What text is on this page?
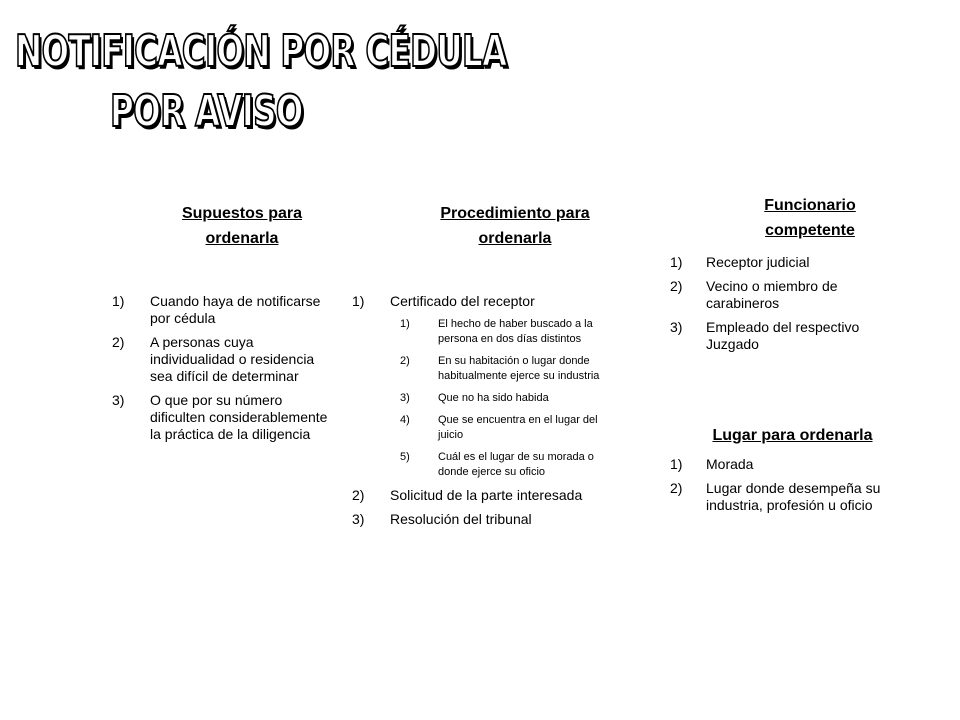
NOTIFICACIÓN POR CÉDULA
POR AVISO
Supuestos para
ordenarla
1) Cuando haya de notificarse por cédula
2) A personas cuya individualidad o residencia sea difícil de determinar
3) O que por su número dificulten considerablemente la práctica de la diligencia
Procedimiento para
ordenarla
1) Certificado del receptor
1)	El hecho de haber buscado a la persona en dos días distintos
2)	En su habitación o lugar donde habitualmente ejerce su industria
3)	Que no ha sido habida
4)	Que se encuentra en el lugar del juicio
5)	Cuál es el lugar de su morada o donde ejerce su oficio
2) Solicitud de la parte interesada
3) Resolución del tribunal
Funcionario
competente
1) Receptor judicial
2) Vecino o miembro de carabineros
3) Empleado del respectivo Juzgado
Lugar para ordenarla
1) Morada
2) Lugar donde desempeña su industria, profesión u oficio
